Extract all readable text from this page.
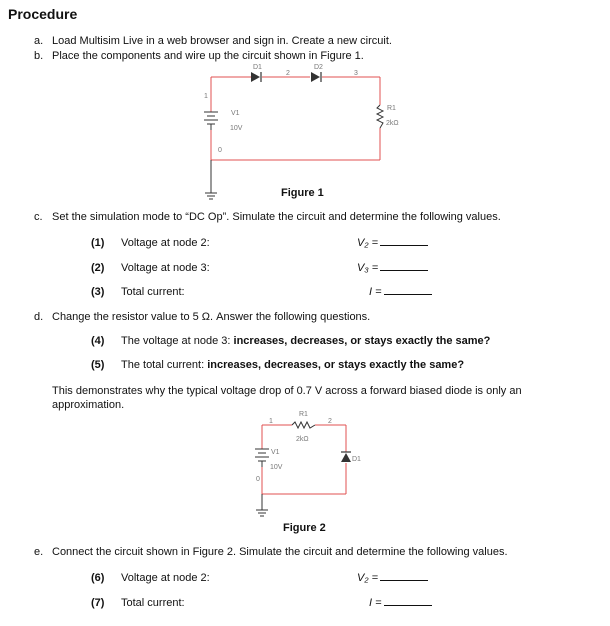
Procedure
a. Load Multisim Live in a web browser and sign in. Create a new circuit.
b. Place the components and wire up the circuit shown in Figure 1.
D1	D2
2	3
1
V1
10V
0
R1
2kΩ
R1
2kΩ
1	2
V1
10V
0
D1
Figure 1
c. Set the simulation mode to “DC Op”. Simulate the circuit and determine the following values.
(1) Voltage at node 2:	V₂ =
(2) Voltage at node 3:	V₃ =
(3) Total current:	I =
d. Change the resistor value to 5 Ω. Answer the following questions.
(4) The voltage at node 3: increases, decreases, or stays exactly the same?
(5) The total current: increases, decreases, or stays exactly the same?
This demonstrates why the typical voltage drop of 0.7 V across a forward biased diode is only an approximation.
Figure 2
e. Connect the circuit shown in Figure 2. Simulate the circuit and determine the following values.
(6) Voltage at node 2:	V₂ =
(7) Total current:	I =
